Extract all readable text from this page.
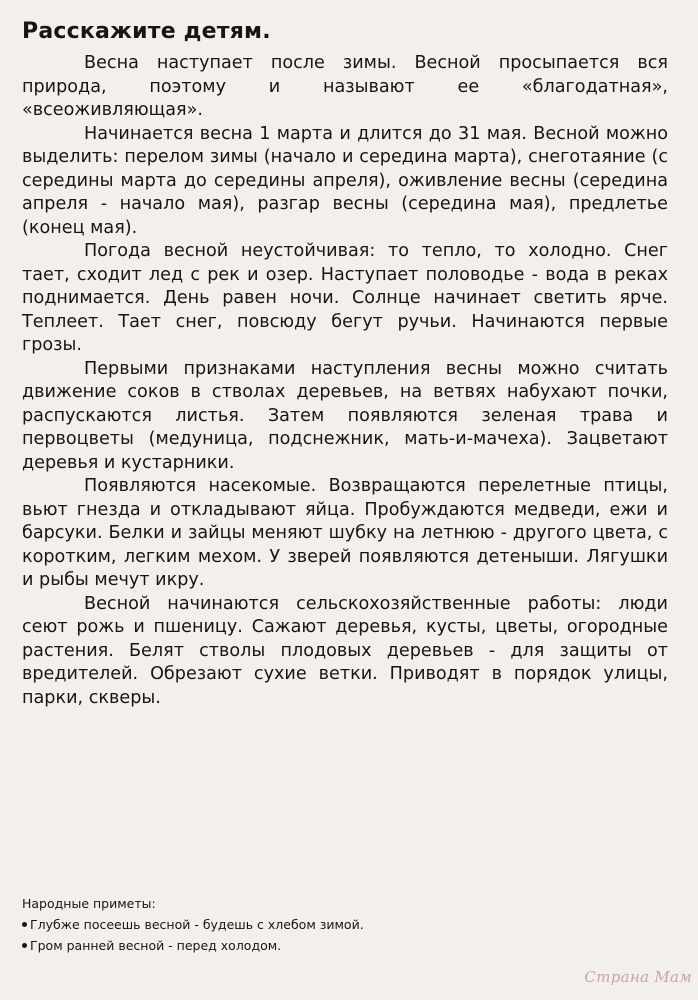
Расскажите детям.

Весна наступает после зимы. Весной просыпается вся природа, поэтому и называют ее «благодатная», «всеоживляющая».

Начинается весна 1 марта и длится до 31 мая. Весной можно выделить: перелом зимы (начало и середина марта), снеготаяние (с середины марта до середины апреля), оживление весны (середина апреля - начало мая), разгар весны (середина мая), предлетье (конец мая).

Погода весной неустойчивая: то тепло, то холодно. Снег тает, сходит лед с рек и озер. Наступает половодье - вода в реках поднимается. День равен ночи. Солнце начинает светить ярче. Теплеет. Тает снег, повсюду бегут ручьи. Начинаются первые грозы.

Первыми признаками наступления весны можно считать движение соков в стволах деревьев, на ветвях набухают почки, распускаются листья. Затем появляются зеленая трава и первоцветы (медуница, подснежник, мать-и-мачеха). Зацветают деревья и кустарники.

Появляются насекомые. Возвращаются перелетные птицы, вьют гнезда и откладывают яйца. Пробуждаются медведи, ежи и барсуки. Белки и зайцы меняют шубку на летнюю - другого цвета, с коротким, легким мехом. У зверей появляются детеныши. Лягушки и рыбы мечут икру.

Весной начинаются сельскохозяйственные работы: люди сеют рожь и пшеницу. Сажают деревья, кусты, цветы, огородные растения. Белят стволы плодовых деревьев - для защиты от вредителей. Обрезают сухие ветки. Приводят в порядок улицы, парки, скверы.

Народные приметы:

Глубже посеешь весной - будешь с хлебом зимой.
Гром ранней весной - перед холодом.
Страна Мам
